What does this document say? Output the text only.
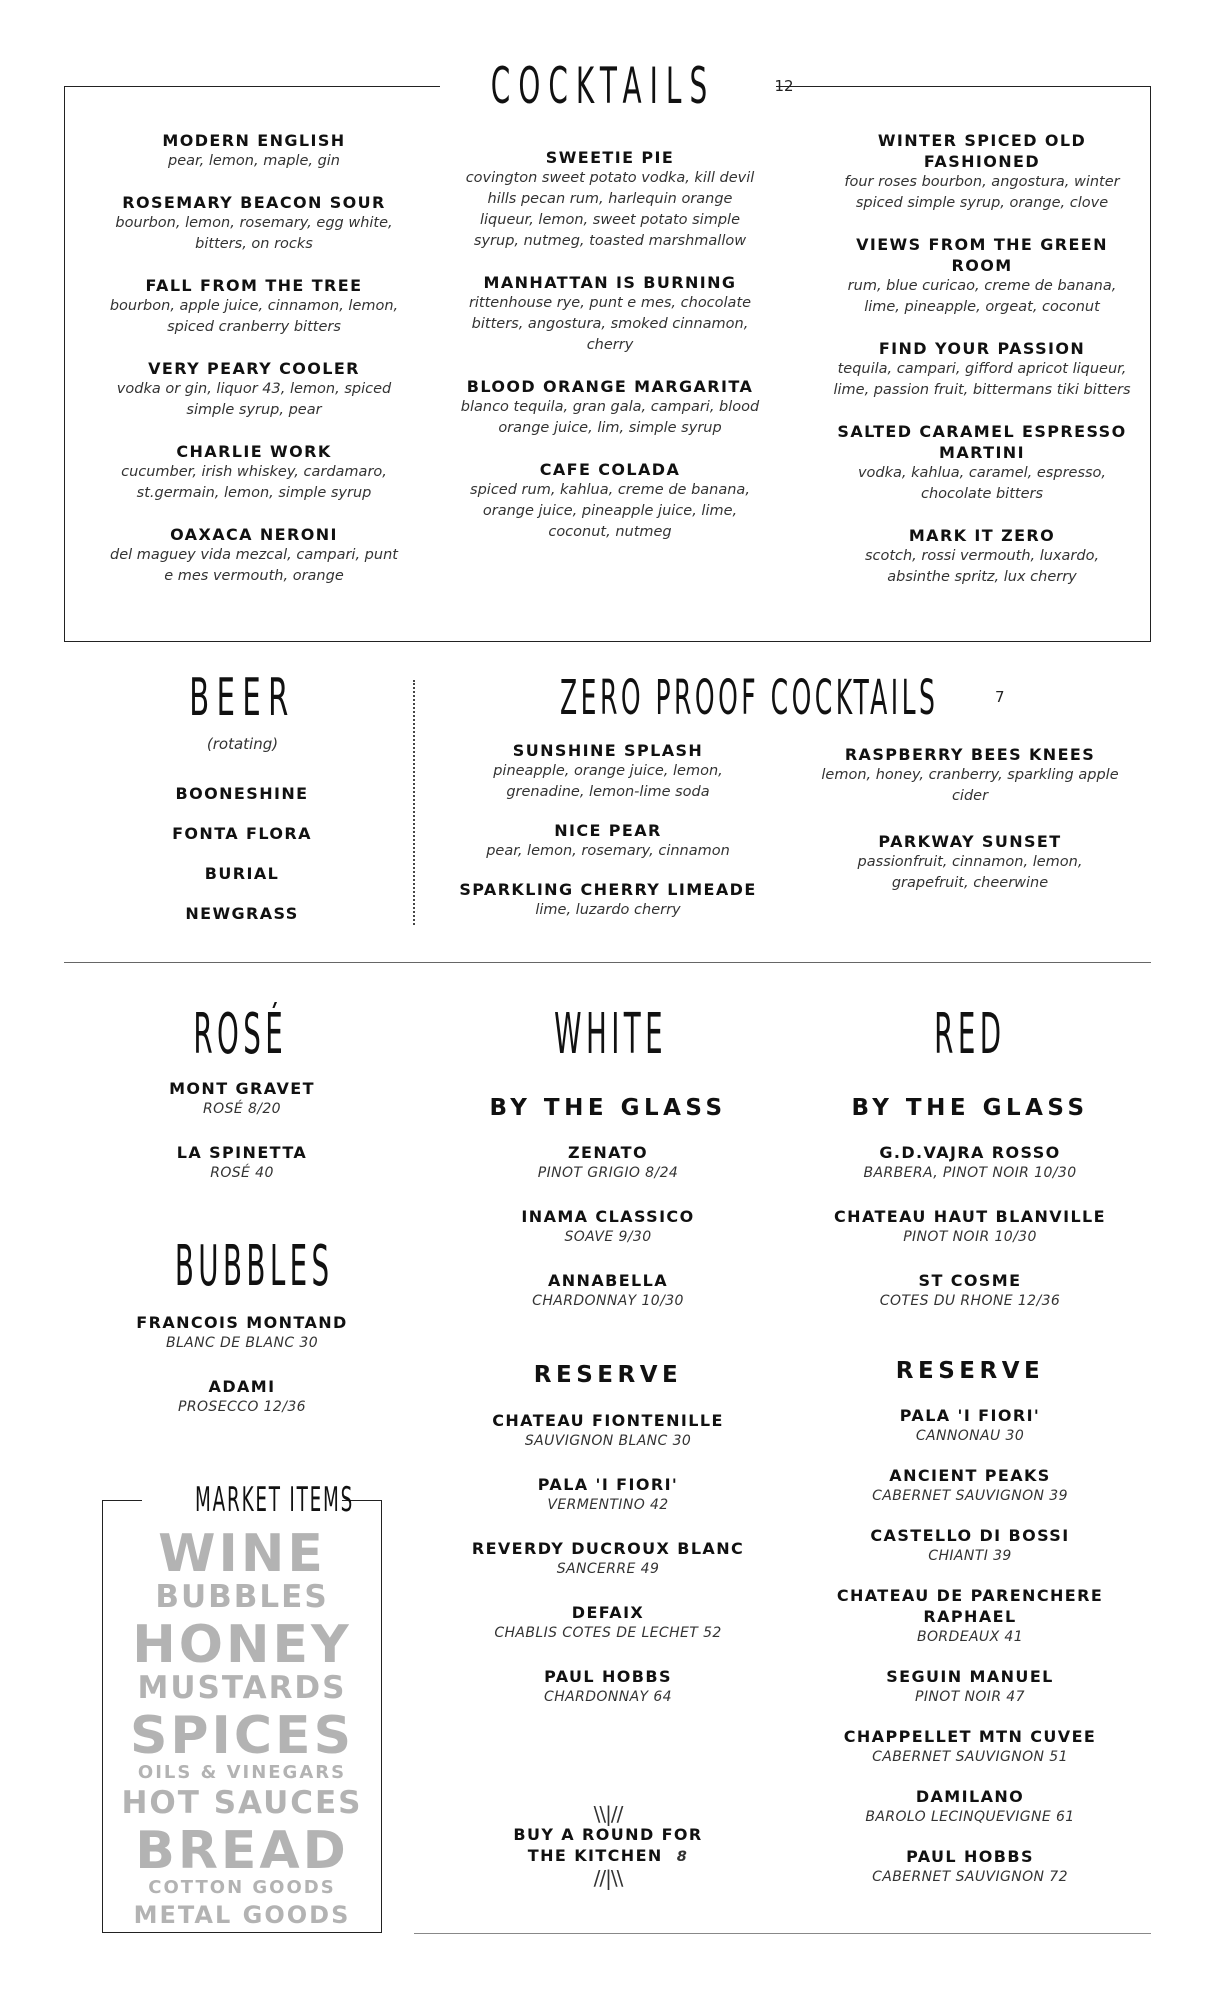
COCKTAILS	12
MODERN ENGLISH
pear, lemon, maple, gin
ROSEMARY BEACON SOUR
bourbon, lemon, rosemary, egg white, bitters, on rocks
FALL FROM THE TREE
bourbon, apple juice, cinnamon, lemon, spiced cranberry bitters
VERY PEARY COOLER
vodka or gin, liquor 43, lemon, spiced simple syrup, pear
CHARLIE WORK
cucumber, irish whiskey, cardamaro, st.germain, lemon, simple syrup
OAXACA NERONI
del maguey vida mezcal, campari, punt e mes vermouth, orange
SWEETIE PIE
covington sweet potato vodka, kill devil hills pecan rum, harlequin orange liqueur, lemon, sweet potato simple syrup, nutmeg, toasted marshmallow
MANHATTAN IS BURNING
rittenhouse rye, punt e mes, chocolate bitters, angostura, smoked cinnamon, cherry
BLOOD ORANGE MARGARITA
blanco tequila, gran gala, campari, blood orange juice, lim, simple syrup
CAFE COLADA
spiced rum, kahlua, creme de banana, orange juice, pineapple juice, lime, coconut, nutmeg
WINTER SPICED OLD FASHIONED
four roses bourbon, angostura, winter spiced simple syrup, orange, clove
VIEWS FROM THE GREEN ROOM
rum, blue curicao, creme de banana, lime, pineapple, orgeat, coconut
FIND YOUR PASSION
tequila, campari, gifford apricot liqueur, lime, passion fruit, bittermans tiki bitters
SALTED CARAMEL ESPRESSO MARTINI
vodka, kahlua, caramel, espresso, chocolate bitters
MARK IT ZERO
scotch, rossi vermouth, luxardo, absinthe spritz, lux cherry
BEER
(rotating)
BOONESHINE
FONTA FLORA
BURIAL
NEWGRASS
ZERO PROOF COCKTAILS	7
SUNSHINE SPLASH
pineapple, orange juice, lemon, grenadine, lemon-lime soda
NICE PEAR
pear, lemon, rosemary, cinnamon
SPARKLING CHERRY LIMEADE
lime, luzardo cherry
RASPBERRY BEES KNEES
lemon, honey, cranberry, sparkling apple cider
PARKWAY SUNSET
passionfruit, cinnamon, lemon, grapefruit, cheerwine
ROSÉ
MONT GRAVET
ROSÉ 8/20
LA SPINETTA
ROSÉ 40
BUBBLES
FRANCOIS MONTAND
BLANC DE BLANC 30
ADAMI
PROSECCO 12/36
WHITE
BY THE GLASS
ZENATO
PINOT GRIGIO 8/24
INAMA CLASSICO
SOAVE 9/30
ANNABELLA
CHARDONNAY 10/30
RESERVE
CHATEAU FIONTENILLE
SAUVIGNON BLANC 30
PALA 'I FIORI'
VERMENTINO 42
REVERDY DUCROUX BLANC
SANCERRE 49
DEFAIX
CHABLIS COTES DE LECHET 52
PAUL HOBBS
CHARDONNAY 64
RED
BY THE GLASS
G.D.VAJRA ROSSO
BARBERA, PINOT NOIR 10/30
CHATEAU HAUT BLANVILLE
PINOT NOIR 10/30
ST COSME
COTES DU RHONE 12/36
RESERVE
PALA 'I FIORI'
CANNONAU 30
ANCIENT PEAKS
CABERNET SAUVIGNON 39
CASTELLO DI BOSSI
CHIANTI 39
CHATEAU DE PARENCHERE RAPHAEL
BORDEAUX 41
SEGUIN MANUEL
PINOT NOIR 47
CHAPPELLET MTN CUVEE
CABERNET SAUVIGNON 51
DAMILANO
BAROLO LECINQUEVIGNE 61
PAUL HOBBS
CABERNET SAUVIGNON 72
\\|//
BUY A ROUND FOR
THE KITCHEN 8
//|\\
MARKET ITEMS
WINE
BUBBLES
HONEY
MUSTARDS
SPICES
OILS & VINEGARS
HOT SAUCES
BREAD
COTTON GOODS
METAL GOODS
